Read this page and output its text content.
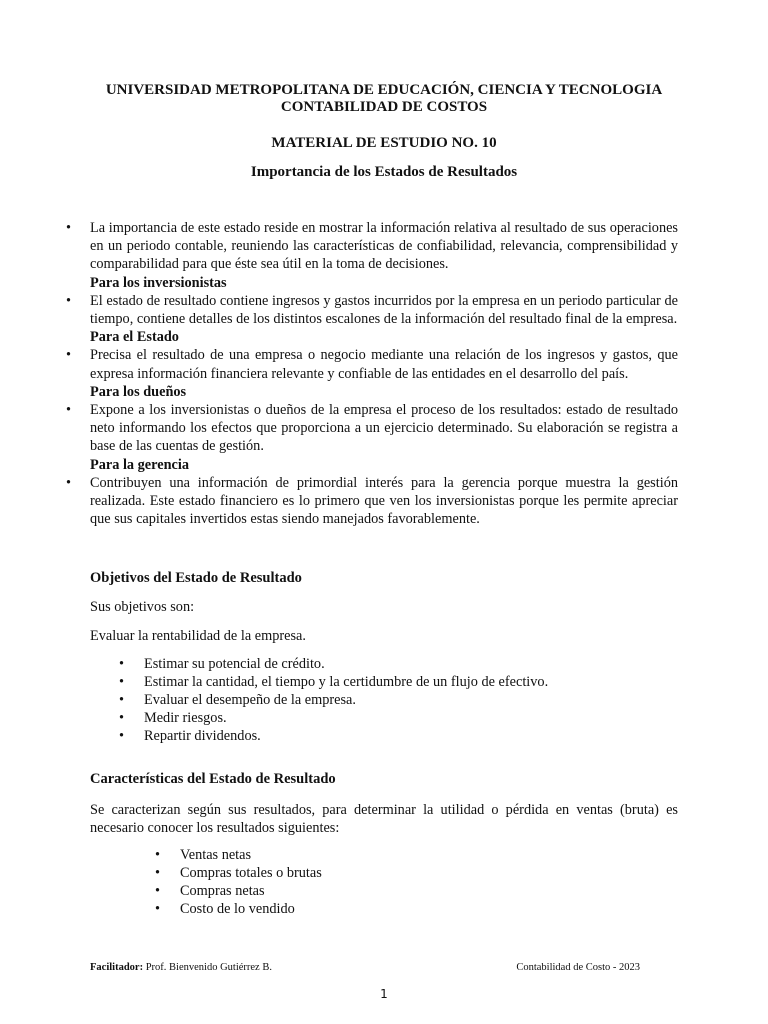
UNIVERSIDAD METROPOLITANA DE EDUCACIÓN, CIENCIA Y TECNOLOGIA
CONTABILIDAD DE COSTOS
MATERIAL DE ESTUDIO NO. 10
Importancia de los Estados de Resultados
• La importancia de este estado reside en mostrar la información relativa al resultado de sus operaciones en un periodo contable, reuniendo las características de confiabilidad, relevancia, comprensibilidad y comparabilidad para que éste sea útil en la toma de decisiones.
Para los inversionistas
• El estado de resultado contiene ingresos y gastos incurridos por la empresa en un periodo particular de tiempo, contiene detalles de los distintos escalones de la información del resultado final de la empresa.
Para el Estado
• Precisa el resultado de una empresa o negocio mediante una relación de los ingresos y gastos, que expresa información financiera relevante y confiable de las entidades en el desarrollo del país.
Para los dueños
• Expone a los inversionistas o dueños de la empresa el proceso de los resultados: estado de resultado neto informando los efectos que proporciona a un ejercicio determinado. Su elaboración se registra a base de las cuentas de gestión.
Para la gerencia
• Contribuyen una información de primordial interés para la gerencia porque muestra la gestión realizada. Este estado financiero es lo primero que ven los inversionistas porque les permite apreciar que sus capitales invertidos estas siendo manejados favorablemente.
Objetivos del Estado de Resultado
Sus objetivos son:
Evaluar la rentabilidad de la empresa.
• Estimar su potencial de crédito.
• Estimar la cantidad, el tiempo y la certidumbre de un flujo de efectivo.
• Evaluar el desempeño de la empresa.
• Medir riesgos.
• Repartir dividendos.
Características del Estado de Resultado
Se caracterizan según sus resultados, para determinar la utilidad o pérdida en ventas (bruta) es necesario conocer los resultados siguientes:
• Ventas netas
• Compras totales o brutas
• Compras netas
• Costo de lo vendido
Facilitador: Prof. Bienvenido Gutiérrez B.	Contabilidad de Costo - 2023
1
